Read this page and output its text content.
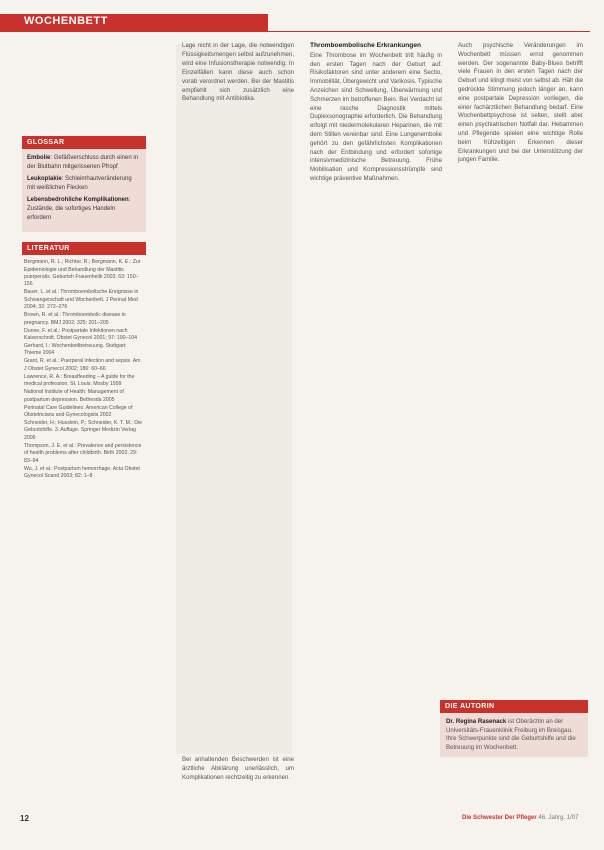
WOCHENBETT
GLOSSAR

Embolie: Gefäßverschluss durch einen in der Blutbahn mitgerissenen Pfropf

Leukoplakie: Schleimhautveränderung mit weißlichen Flecken

Lebensbedrohliche Komplikationen: Zustände, die sofortiges Handeln erfordern

LITERATUR
Bergmann, R. L.; Richter, R.; Bergmann, K. E.: Zur Epidemiologie und Behandlung der Mastitis puerperalis. Geburtsh Frauenheilk 2003; 63: 150–156
Bauer, L. et al.: Thromboembolische Ereignisse in Schwangerschaft und Wochenbett. J Perinat Med 2004; 32: 272–276
Brown, R. et al.: Thromboembolic disease in pregnancy. BMJ 2002; 325: 201–205
Dunne, F. et al.: Postpartale Infektionen nach Kaiserschnitt. Obstet Gynecol 2001; 97: 100–104
Gerhard, I.: Wochenbettbetreuung. Stuttgart: Thieme 2004
Grant, R. et al.: Puerperal infection and sepsis. Am J Obstet Gynecol 2002; 186: 60–66
Lawrence, R. A.: Breastfeeding – A guide for the medical profession. St. Louis: Mosby 1999
National Institute of Health: Management of postpartum depression. Bethesda 2005
Perinatal Care Guidelines. American College of Obstetricians and Gynecologists 2002
Schneider, H.; Husslein, P.; Schneider, K. T. M.: Die Geburtshilfe. 3. Auflage. Springer Medizin Verlag 2006
Thompson, J. E. et al.: Prevalence and persistence of health problems after childbirth. Birth 2002; 29: 83–94
Wu, J. et al.: Postpartum hemorrhage. Acta Obstet Gynecol Scand 2003; 82: 1–8

Lage nicht in der Lage, die notwendigen Flüssigkeitsmengen selbst aufzunehmen, wird eine Infusionstherapie notwendig. In Einzelfällen kann diese auch schon vorab verordnet werden. Bei der Mastitis empfiehlt sich zusätzlich eine Behandlung mit Antibiotika.

Bei anhaltenden Beschwerden ist eine ärztliche Abklärung unerlässlich, um Komplikationen rechtzeitig zu erkennen.

Thromboembolische Erkrankungen

Eine Thrombose im Wochenbett tritt häufig in den ersten Tagen nach der Geburt auf. Risikofaktoren sind unter anderem eine Sectio, Immobilität, Übergewicht und Varikosis. Typische Anzeichen sind Schwellung, Überwärmung und Schmerzen im betroffenen Bein. Bei Verdacht ist eine rasche Diagnostik mittels Duplexsonographie erforderlich. Die Behandlung erfolgt mit niedermolekularen Heparinen, die mit dem Stillen vereinbar sind. Eine Lungenembolie gehört zu den gefährlichsten Komplikationen nach der Entbindung und erfordert sofortige intensivmedizinische Betreuung. Frühe Mobilisation und Kompressionsstrümpfe sind wichtige präventive Maßnahmen.

Auch psychische Veränderungen im Wochenbett müssen ernst genommen werden. Der sogenannte Baby-Blues betrifft viele Frauen in den ersten Tagen nach der Geburt und klingt meist von selbst ab. Hält die gedrückte Stimmung jedoch länger an, kann eine postpartale Depression vorliegen, die einer fachärztlichen Behandlung bedarf. Eine Wochenbettpsychose ist selten, stellt aber einen psychiatrischen Notfall dar. Hebammen und Pflegende spielen eine wichtige Rolle beim frühzeitigen Erkennen dieser Erkrankungen und bei der Unterstützung der jungen Familie.

DIE AUTORIN
Dr. Regina Rasenack ist Oberärztin an der Universitäts-Frauenklinik Freiburg im Breisgau. Ihre Schwerpunkte sind die Geburtshilfe und die Betreuung im Wochenbett.
12	Die Schwester Der Pfleger 46. Jahrg. 1/07
